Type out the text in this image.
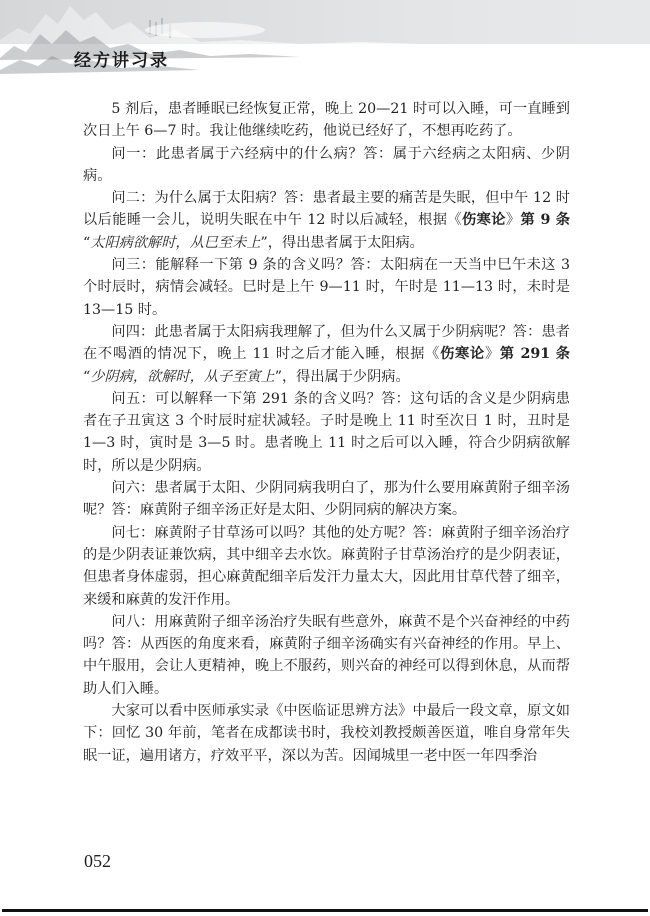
经方讲习录

5 剂后，患者睡眠已经恢复正常，晚上 20—21 时可以入睡，可一直睡到次日上午 6—7 时。我让他继续吃药，他说已经好了，不想再吃药了。

问一：此患者属于六经病中的什么病？答：属于六经病之太阳病、少阴病。

问二：为什么属于太阳病？答：患者最主要的痛苦是失眠，但中午 12 时以后能睡一会儿，说明失眠在中午 12 时以后减轻，根据《伤寒论》第 9 条 “太阳病欲解时，从巳至未上”，得出患者属于太阳病。

问三：能解释一下第 9 条的含义吗？答：太阳病在一天当中巳午未这 3 个时辰时，病情会减轻。巳时是上午 9—11 时，午时是 11—13 时，未时是 13—15 时。

问四：此患者属于太阳病我理解了，但为什么又属于少阴病呢？答：患者在不喝酒的情况下，晚上 11 时之后才能入睡，根据《伤寒论》第 291 条 “少阴病，欲解时，从子至寅上”，得出属于少阴病。

问五：可以解释一下第 291 条的含义吗？答：这句话的含义是少阴病患者在子丑寅这 3 个时辰时症状减轻。子时是晚上 11 时至次日 1 时，丑时是 1—3 时，寅时是 3—5 时。患者晚上 11 时之后可以入睡，符合少阴病欲解时，所以是少阴病。

问六：患者属于太阳、少阴同病我明白了，那为什么要用麻黄附子细辛汤呢？答：麻黄附子细辛汤正好是太阳、少阴同病的解决方案。

问七：麻黄附子甘草汤可以吗？其他的处方呢？答：麻黄附子细辛汤治疗的是少阴表证兼饮病，其中细辛去水饮。麻黄附子甘草汤治疗的是少阴表证，但患者身体虚弱，担心麻黄配细辛后发汗力量太大，因此用甘草代替了细辛，来缓和麻黄的发汗作用。

问八：用麻黄附子细辛汤治疗失眠有些意外，麻黄不是个兴奋神经的中药吗？答：从西医的角度来看，麻黄附子细辛汤确实有兴奋神经的作用。早上、中午服用，会让人更精神，晚上不服药，则兴奋的神经可以得到休息，从而帮助人们入睡。

大家可以看中医师承实录《中医临证思辨方法》中最后一段文章，原文如下：回忆 30 年前，笔者在成都读书时，我校刘教授颇善医道，唯自身常年失眠一证，遍用诸方，疗效平平，深以为苦。因闻城里一老中医一年四季治

052
